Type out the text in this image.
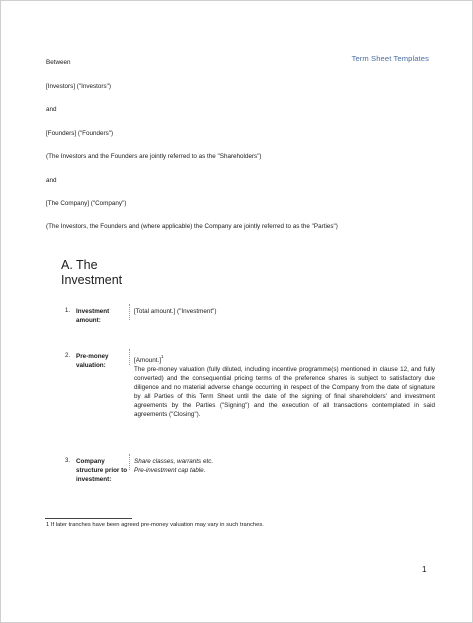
Term Sheet Templates
Between
[Investors] ("Investors")
and
[Founders] ("Founders")
(The Investors and the Founders are jointly referred to as the "Shareholders")
and
[The Company] ("Company")
(The Investors, the Founders and (where applicable) the Company are jointly referred to as the "Parties")
A. The
Investment
1. Investment amount:
[Total amount.] ("Investment")
2. Pre-money valuation:
[Amount.]$^1$
The pre-money valuation (fully diluted, including incentive programme(s) mentioned in clause 12, and fully converted) and the consequential pricing terms of the preference shares is subject to satisfactory due diligence and no material adverse change occurring in respect of the Company from the date of signature by all Parties of this Term Sheet until the date of the signing of final shareholders' and investment agreements by the Parties ("Signing") and the execution of all transactions contemplated in said agreements ("Closing").
3. Company structure prior to investment:
Share classes, warrants etc.
Pre-investment cap table.
1 If later tranches have been agreed pre-money valuation may vary in such tranches.
1
